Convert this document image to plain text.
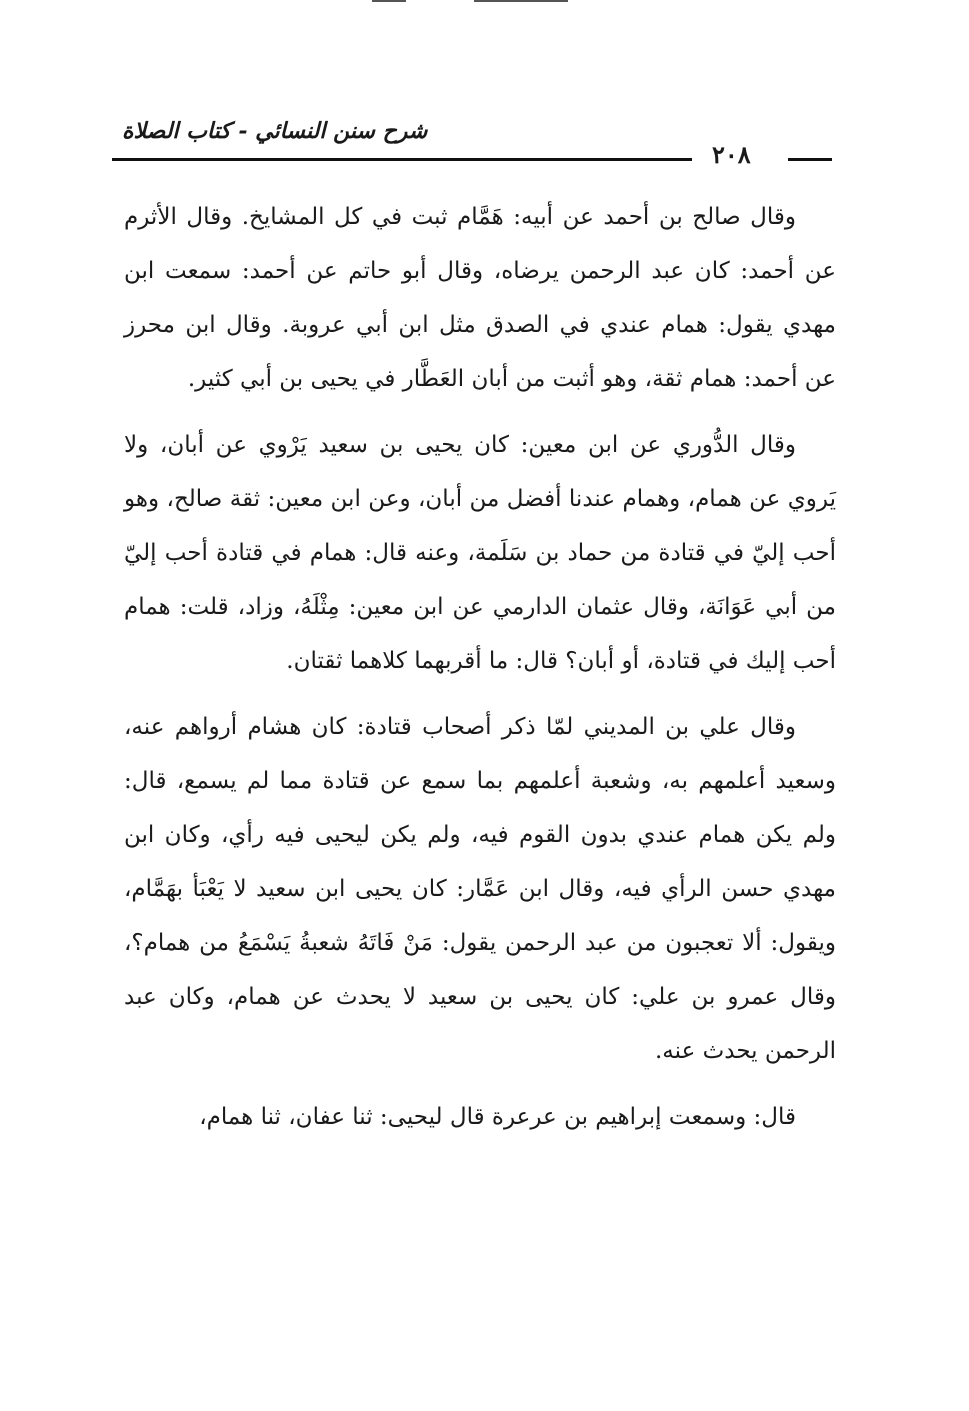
شرح سنن النسائي - كتاب الصلاة
٢٠٨

وقال صالح بن أحمد عن أبيه: هَمَّام ثبت في كل المشايخ. وقال الأثرم عن أحمد: كان عبد الرحمن يرضاه، وقال أبو حاتم عن أحمد: سمعت ابن مهدي يقول: همام عندي في الصدق مثل ابن أبي عروبة. وقال ابن محرز عن أحمد: همام ثقة، وهو أثبت من أبان العَطَّار في يحيى بن أبي كثير.

وقال الدُّوري عن ابن معين: كان يحيى بن سعيد يَرْوي عن أبان، ولا يَروي عن همام، وهمام عندنا أفضل من أبان، وعن ابن معين: ثقة صالح، وهو أحب إليّ في قتادة من حماد بن سَلَمة، وعنه قال: همام في قتادة أحب إليّ من أبي عَوَانَة، وقال عثمان الدارمي عن ابن معين: مِثْلَهُ، وزاد، قلت: همام أحب إليك في قتادة، أو أبان؟ قال: ما أقربهما كلاهما ثقتان.

وقال علي بن المديني لمّا ذكر أصحاب قتادة: كان هشام أرواهم عنه، وسعيد أعلمهم به، وشعبة أعلمهم بما سمع عن قتادة مما لم يسمع، قال: ولم يكن همام عندي بدون القوم فيه، ولم يكن ليحيى فيه رأي، وكان ابن مهدي حسن الرأي فيه، وقال ابن عَمَّار: كان يحيى ابن سعيد لا يَعْبَأ بهَمَّام، ويقول: ألا تعجبون من عبد الرحمن يقول: مَنْ فَاتَهُ شعبةُ يَسْمَعُ من همام؟، وقال عمرو بن علي: كان يحيى بن سعيد لا يحدث عن همام، وكان عبد الرحمن يحدث عنه.

قال: وسمعت إبراهيم بن عرعرة قال ليحيى: ثنا عفان، ثنا همام،
